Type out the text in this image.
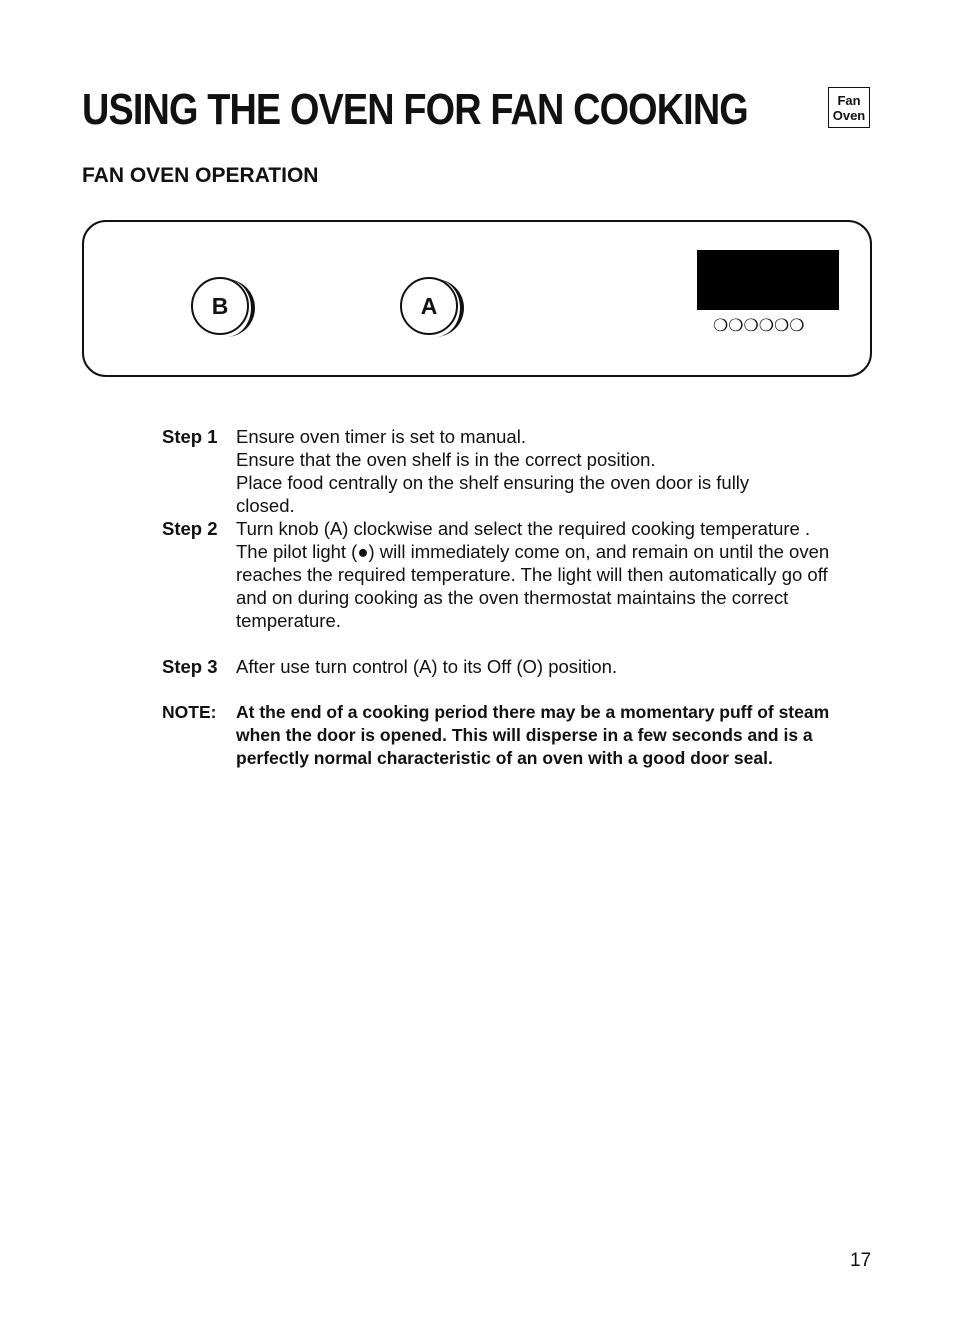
USING THE OVEN FOR FAN COOKING	Fan
Oven
FAN OVEN OPERATION
B	A
❍❍❍❍❍❍
Step 1 Ensure oven timer is set to manual.

Ensure that the oven shelf is in the correct position.

Place food centrally on the shelf ensuring the oven door is fully closed.

Step 2 Turn knob (A) clockwise and select the required cooking temperature . The pilot light (●) will immediately come on, and remain on until the oven reaches the required temperature. The light will then automatically go off and on during cooking as the oven thermostat maintains the correct temperature.

Step 3 After use turn control (A) to its Off (O) position.

NOTE:	At the end of a cooking period there may be a momentary puff of steam when the door is opened. This will disperse in a few seconds and is a perfectly normal characteristic of an oven with a good door seal.

17
